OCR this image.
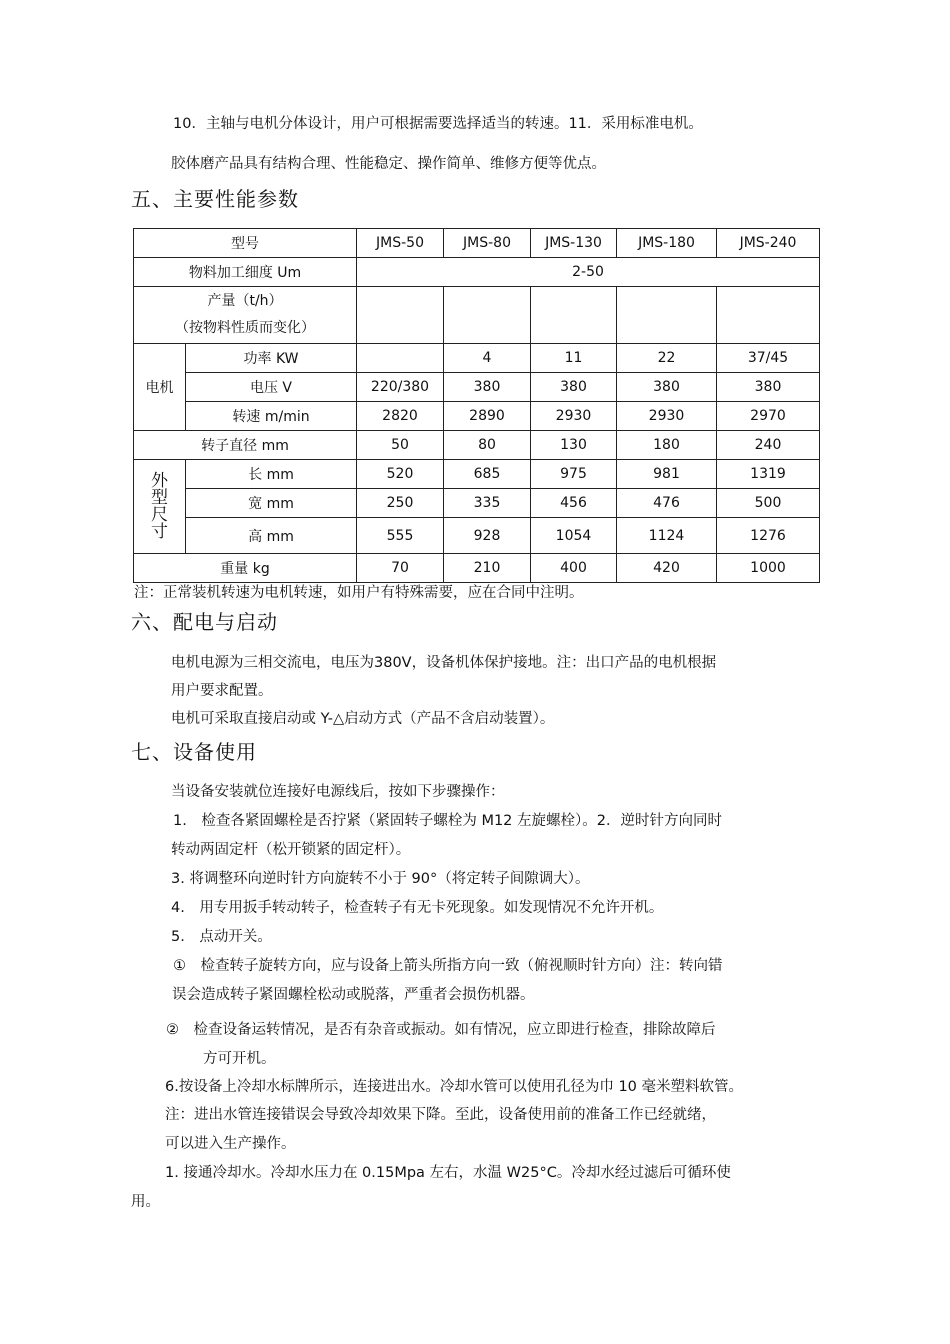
10．主轴与电机分体设计，用户可根据需要选择适当的转速。11．采用标准电机。
胶体磨产品具有结构合理、性能稳定、操作简单、维修方便等优点。
五、主要性能参数
型号		JMS-50	JMS-80	JMS-130	JMS-180	JMS-240
物料加工细度 Um		2-50				

产量（t/h）
（按物料性质而变化）						

电机	功率 KW		4	11	22	37/45
	电压 V	220/380	380	380	380	380
	转速 m/min	2820	2890	2930	2930	2970
转子直径 mm		50	80	130	180	240
外型尺寸	长 mm	520	685	975	981	1319
	宽 mm	250	335	456	476	500
	高 mm	555	928	1054	1124	1276
重量 kg		70	210	400	420	1000
注：正常装机转速为电机转速，如用户有特殊需要，应在合同中注明。
六、配电与启动
电机电源为三相交流电，电压为380V，设备机体保护接地。注：出口产品的电机根据
用户要求配置。
电机可采取直接启动或 Y-△启动方式（产品不含启动装置）。
七、设备使用
当设备安装就位连接好电源线后，按如下步骤操作：
1.　检查各紧固螺栓是否拧紧（紧固转子螺栓为 M12 左旋螺栓）。2．逆时针方向同时
转动两固定杆（松开锁紧的固定杆）。
3. 将调整环向逆时针方向旋转不小于 90°（将定转子间隙调大）。
4.　用专用扳手转动转子，检查转子有无卡死现象。如发现情况不允许开机。
5.　点动开关。
①　检查转子旋转方向，应与设备上箭头所指方向一致（俯视顺时针方向）注：转向错
误会造成转子紧固螺栓松动或脱落，严重者会损伤机器。
②　检查设备运转情况，是否有杂音或振动。如有情况，应立即进行检查，排除故障后
方可开机。
6.按设备上冷却水标牌所示，连接进出水。冷却水管可以使用孔径为巾 10 毫米塑料软管。
注：进出水管连接错误会导致冷却效果下降。至此，设备使用前的准备工作已经就绪，
可以进入生产操作。
1. 接通冷却水。冷却水压力在 0.15Mpa 左右，水温 W25°C。冷却水经过滤后可循环使
用。
